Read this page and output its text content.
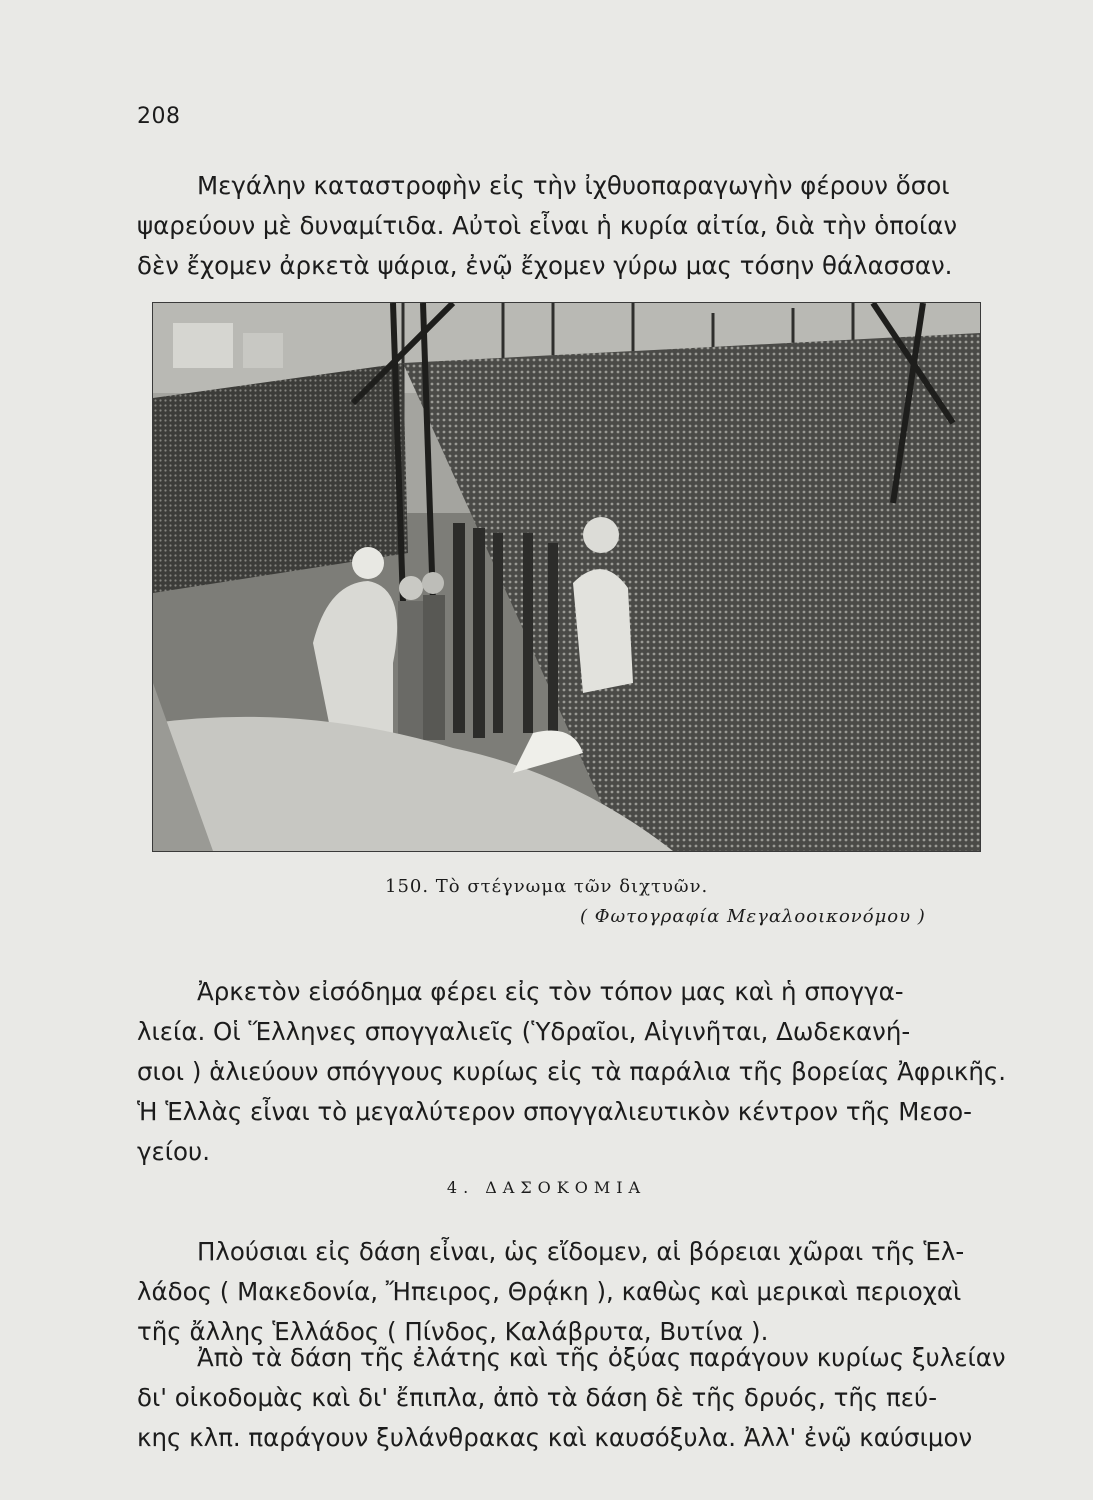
208
Μεγάλην καταστροφὴν εἰς τὴν ἰχθυοπαραγωγὴν φέρουν ὅσοι
ψαρεύουν μὲ δυναμίτιδα. Αὐτοὶ εἶναι ἡ κυρία αἰτία, διὰ τὴν ὁποίαν
δὲν ἔχομεν ἀρκετὰ ψάρια, ἐνῷ ἔχομεν γύρω μας τόσην θάλασσαν.
150. Τὸ στέγνωμα τῶν διχτυῶν.
( Φωτογραφία Μεγαλοοικονόμου )
Ἀρκετὸν εἰσόδημα φέρει εἰς τὸν τόπον μας καὶ ἡ σπογγα-
λιεία. Οἱ Ἕλληνες σπογγαλιεῖς (Ὑδραῖοι, Αἰγινῆται, Δωδεκανή-
σιοι ) ἁλιεύουν σπόγγους κυρίως εἰς τὰ παράλια τῆς βορείας Ἀφρικῆς.
Ἡ Ἑλλὰς εἶναι τὸ μεγαλύτερον σπογγαλιευτικὸν κέντρον τῆς Μεσο-
γείου.
4. ΔΑΣΟΚΟΜΙΑ
Πλούσιαι εἰς δάση εἶναι, ὡς εἴδομεν, αἱ βόρειαι χῶραι τῆς Ἑλ-
λάδος ( Μακεδονία, Ἤπειρος, Θρᾴκη ), καθὼς καὶ μερικαὶ περιοχαὶ
τῆς ἄλλης Ἑλλάδος ( Πίνδος, Καλάβρυτα, Βυτίνα ).
Ἀπὸ τὰ δάση τῆς ἐλάτης καὶ τῆς ὀξύας παράγουν κυρίως ξυλείαν
δι' οἰκοδομὰς καὶ δι' ἔπιπλα, ἀπὸ τὰ δάση δὲ τῆς δρυός, τῆς πεύ-
κης κλπ. παράγουν ξυλάνθρακας καὶ καυσόξυλα. Ἀλλ' ἐνῷ καύσιμον
